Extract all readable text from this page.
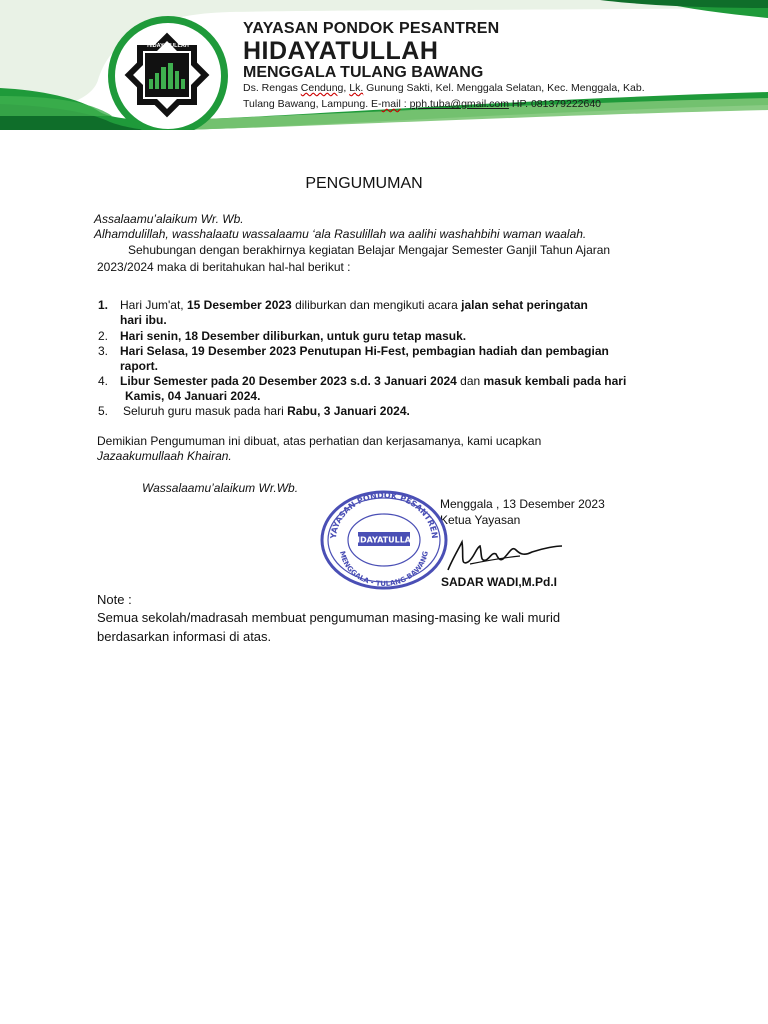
HIDAYATULLAH
YAYASAN PONDOK PESANTREN
HIDAYATULLAH
MENGGALA TULANG BAWANG
Ds. Rengas Cendung, Lk. Gunung Sakti, Kel. Menggala Selatan, Kec. Menggala, Kab.
Tulang Bawang, Lampung. E-mail : pph.tuba@gmail.com HP. 081379222640
PENGUMUMAN
Assalaamu’alaikum Wr. Wb.
Alhamdulillah, wasshalaatu wassalaamu ‘ala Rasulillah wa aalihi washahbihi waman waalah.
Sehubungan dengan berakhirnya kegiatan Belajar Mengajar Semester Ganjil Tahun Ajaran
2023/2024 maka di beritahukan hal-hal berikut :
1. Hari Jum'at, 15 Desember 2023 diliburkan dan mengikuti acara jalan sehat peringatan
hari ibu.
2. Hari senin, 18 Desember diliburkan, untuk guru tetap masuk.
3. Hari Selasa, 19 Desember 2023 Penutupan Hi-Fest, pembagian hadiah dan pembagian
raport.
4. Libur Semester pada 20 Desember 2023 s.d. 3 Januari 2024 dan masuk kembali pada hari
Kamis, 04 Januari 2024.
5. Seluruh guru masuk pada hari Rabu, 3 Januari 2024.
Demikian Pengumuman ini dibuat, atas perhatian dan kerjasamanya, kami ucapkan
Jazaakumullaah Khairan.
Wassalaamu’alaikum Wr.Wb.
Menggala , 13 Desember 2023
Ketua Yayasan
SADAR WADI,M.Pd.I
YAYASAN PONDOK PESANTREN
MENGGALA - TULANG BAWANG
HIDAYATULLAH
Note :
Semua sekolah/madrasah membuat pengumuman masing-masing ke wali murid
berdasarkan informasi di atas.
